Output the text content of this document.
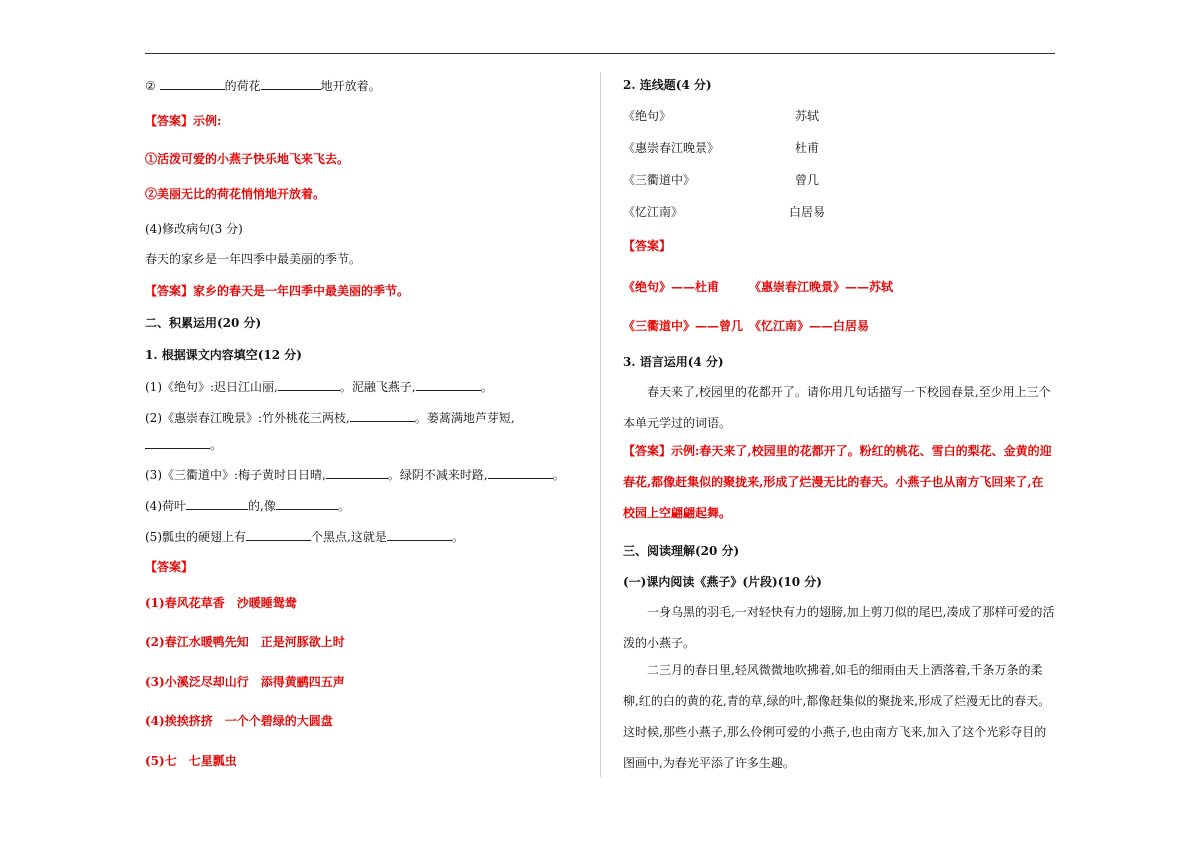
②	的荷花	地开放着。
【答案】示例:
①活泼可爱的小燕子快乐地飞来飞去。
②美丽无比的荷花悄悄地开放着。
(4)修改病句(3 分)
春天的家乡是一年四季中最美丽的季节。
【答案】家乡的春天是一年四季中最美丽的季节。
二、积累运用(20 分)
1. 根据课文内容填空(12 分)
(1)《绝句》:迟日江山丽,	。泥融飞燕子,	。
(2)《惠崇春江晚景》:竹外桃花三两枝,	。蒌蒿满地芦芽短,
。
(3)《三衢道中》:梅子黄时日日晴,	。绿阴不减来时路,	。
(4)荷叶	的,像	。
(5)瓢虫的硬翅上有	个黑点,这就是	。
【答案】
(1)春风花草香　沙暖睡鸳鸯
(2)春江水暖鸭先知　正是河豚欲上时
(3)小溪泛尽却山行　添得黄鹂四五声
(4)挨挨挤挤　一个个碧绿的大圆盘
(5)七　七星瓢虫
2. 连线题(4 分)
《绝句》	苏轼
《惠崇春江晚景》	杜甫
《三衢道中》	曾几
《忆江南》	白居易
【答案】
《绝句》——杜甫　　　《惠崇春江晚景》——苏轼
《三衢道中》——曾几　《忆江南》——白居易
3. 语言运用(4 分)
春天来了,校园里的花都开了。请你用几句话描写一下校园春景,至少用上三个本单元学过的词语。
【答案】示例:春天来了,校园里的花都开了。粉红的桃花、雪白的梨花、金黄的迎春花,都像赶集似的聚拢来,形成了烂漫无比的春天。小燕子也从南方飞回来了,在校园上空翩翩起舞。
三、阅读理解(20 分)
(一)课内阅读《燕子》(片段)(10 分)
一身乌黑的羽毛,一对轻快有力的翅膀,加上剪刀似的尾巴,凑成了那样可爱的活泼的小燕子。
二三月的春日里,轻风微微地吹拂着,如毛的细雨由天上洒落着,千条万条的柔柳,红的白的黄的花,青的草,绿的叶,都像赶集似的聚拢来,形成了烂漫无比的春天。这时候,那些小燕子,那么伶俐可爱的小燕子,也由南方飞来,加入了这个光彩夺目的图画中,为春光平添了许多生趣。
